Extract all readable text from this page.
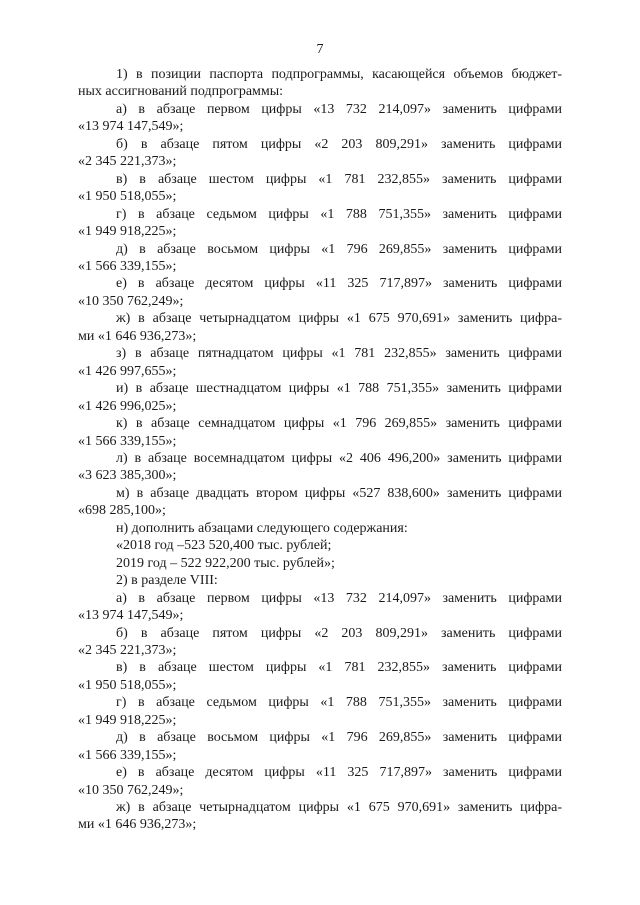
7

1) в позиции паспорта подпрограммы, касающейся объемов бюджет-

ных ассигнований подпрограммы:

а) в абзаце первом цифры «13 732 214,097» заменить цифрами

«13 974 147,549»;

б) в абзаце пятом цифры «2 203 809,291» заменить цифрами

«2 345 221,373»;

в) в абзаце шестом цифры «1 781 232,855» заменить цифрами

«1 950 518,055»;

г) в абзаце седьмом цифры «1 788 751,355» заменить цифрами

«1 949 918,225»;

д) в абзаце восьмом цифры «1 796 269,855» заменить цифрами

«1 566 339,155»;

е) в абзаце десятом цифры «11 325 717,897» заменить цифрами

«10 350 762,249»;

ж) в абзаце четырнадцатом цифры «1 675 970,691» заменить цифра-

ми «1 646 936,273»;

з) в абзаце пятнадцатом цифры «1 781 232,855» заменить цифрами

«1 426 997,655»;

и) в абзаце шестнадцатом цифры «1 788 751,355» заменить цифрами

«1 426 996,025»;

к) в абзаце семнадцатом цифры «1 796 269,855» заменить цифрами

«1 566 339,155»;

л) в абзаце восемнадцатом цифры «2 406 496,200» заменить цифрами

«3 623 385,300»;

м) в абзаце двадцать втором цифры «527 838,600» заменить цифрами

«698 285,100»;

н) дополнить абзацами следующего содержания:

«2018 год –523 520,400 тыс. рублей;

2019 год – 522 922,200 тыс. рублей»;

2) в разделе VIII:

а) в абзаце первом цифры «13 732 214,097» заменить цифрами

«13 974 147,549»;

б) в абзаце пятом цифры «2 203 809,291» заменить цифрами

«2 345 221,373»;

в) в абзаце шестом цифры «1 781 232,855» заменить цифрами

«1 950 518,055»;

г) в абзаце седьмом цифры «1 788 751,355» заменить цифрами

«1 949 918,225»;

д) в абзаце восьмом цифры «1 796 269,855» заменить цифрами

«1 566 339,155»;

е) в абзаце десятом цифры «11 325 717,897» заменить цифрами

«10 350 762,249»;

ж) в абзаце четырнадцатом цифры «1 675 970,691» заменить цифра-

ми «1 646 936,273»;
